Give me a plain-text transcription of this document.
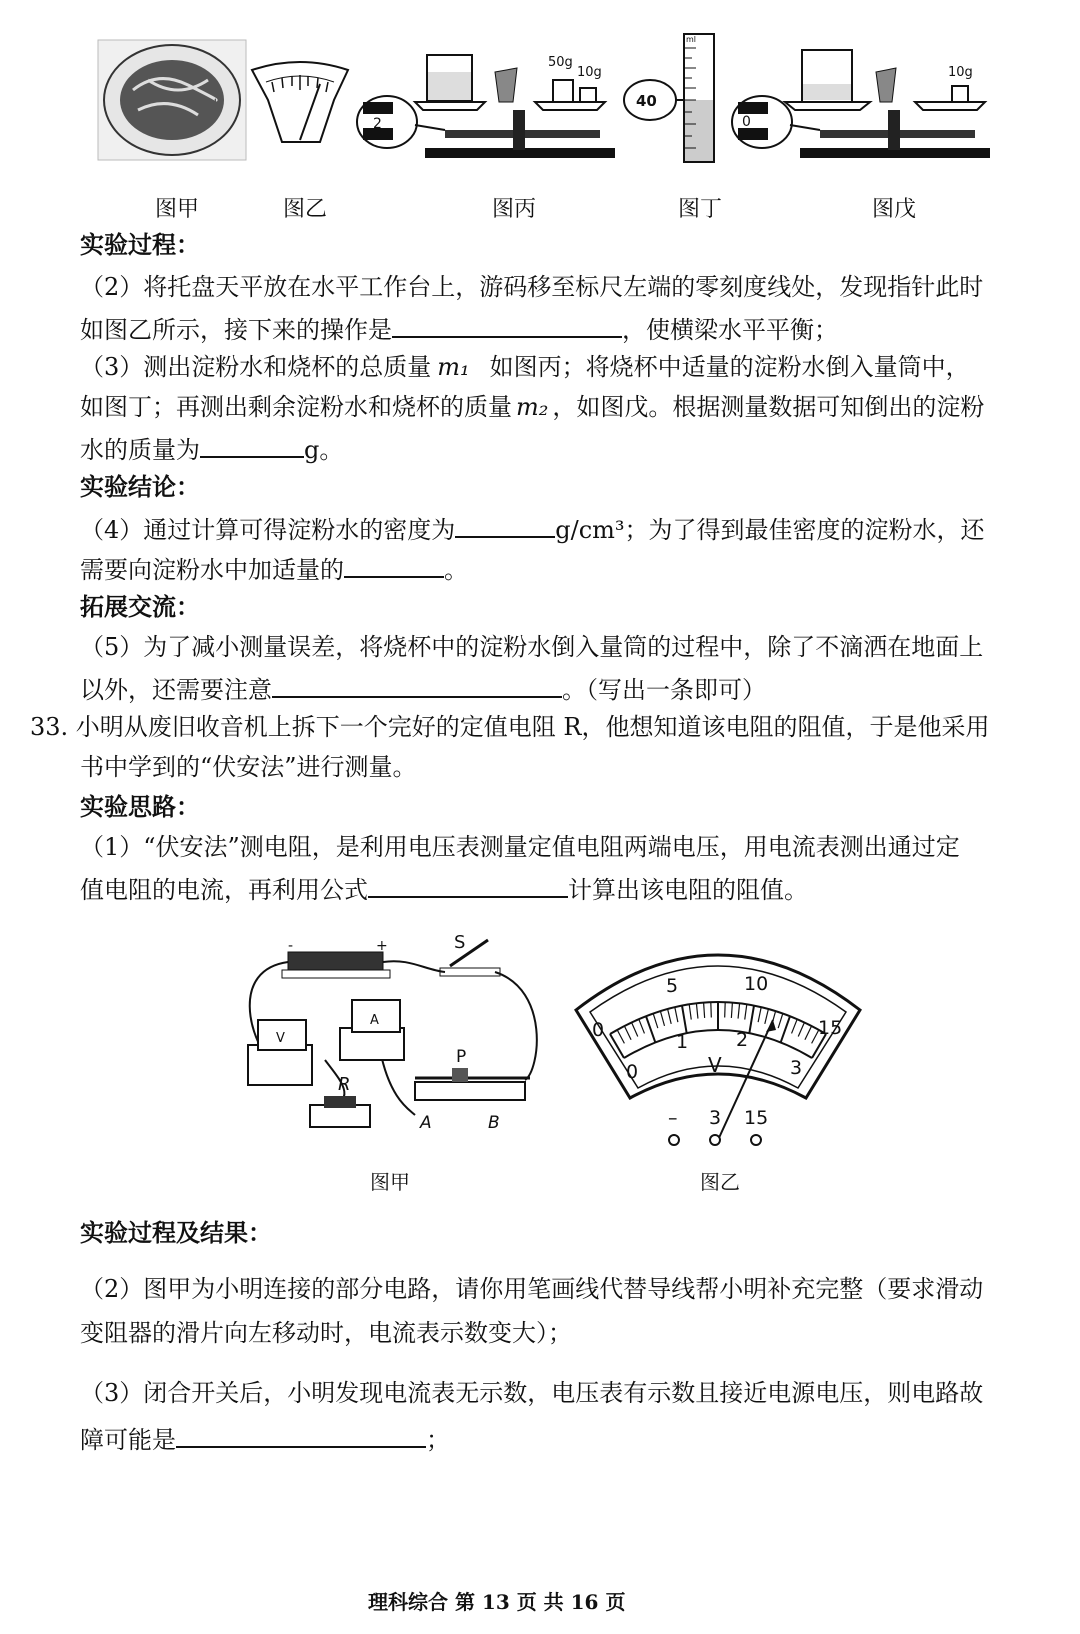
2
50g
10g
40
ml
0
10g
图甲	图乙	图丙	图丁	图戊
实验过程：
（2）将托盘天平放在水平工作台上，游码移至标尺左端的零刻度线处，发现指针此时
如图乙所示，接下来的操作是	，使横梁水平平衡；
（3）测出淀粉水和烧杯的总质量 m₁ 如图丙；将烧杯中适量的淀粉水倒入量筒中，
如图丁；再测出剩余淀粉水和烧杯的质量 m₂ ，如图戊。根据测量数据可知倒出的淀粉
水的质量为	g。
实验结论：
（4）通过计算可得淀粉水的密度为	g/cm³；为了得到最佳密度的淀粉水，还
需要向淀粉水中加适量的	。
拓展交流：
（5）为了减小测量误差，将烧杯中的淀粉水倒入量筒的过程中，除了不滴洒在地面上
以外，还需要注意	。（写出一条即可）
33. 小明从废旧收音机上拆下一个完好的定值电阻 R，他想知道该电阻的阻值，于是他采用
书中学到的“伏安法”进行测量。
实验思路：
（1）“伏安法”测电阻，是利用电压表测量定值电阻两端电压，用电流表测出通过定
值电阻的电流，再利用公式	计算出该电阻的阻值。
-	+	S
V
A
R
P
A	B
图甲
0
5	10
15
0
1	2
3
V
– 3 15
图乙
实验过程及结果：
（2）图甲为小明连接的部分电路，请你用笔画线代替导线帮小明补充完整（要求滑动
变阻器的滑片向左移动时，电流表示数变大）；
（3）闭合开关后，小明发现电流表无示数，电压表有示数且接近电源电压，则电路故
障可能是	；
理科综合 第 13 页 共 16 页
